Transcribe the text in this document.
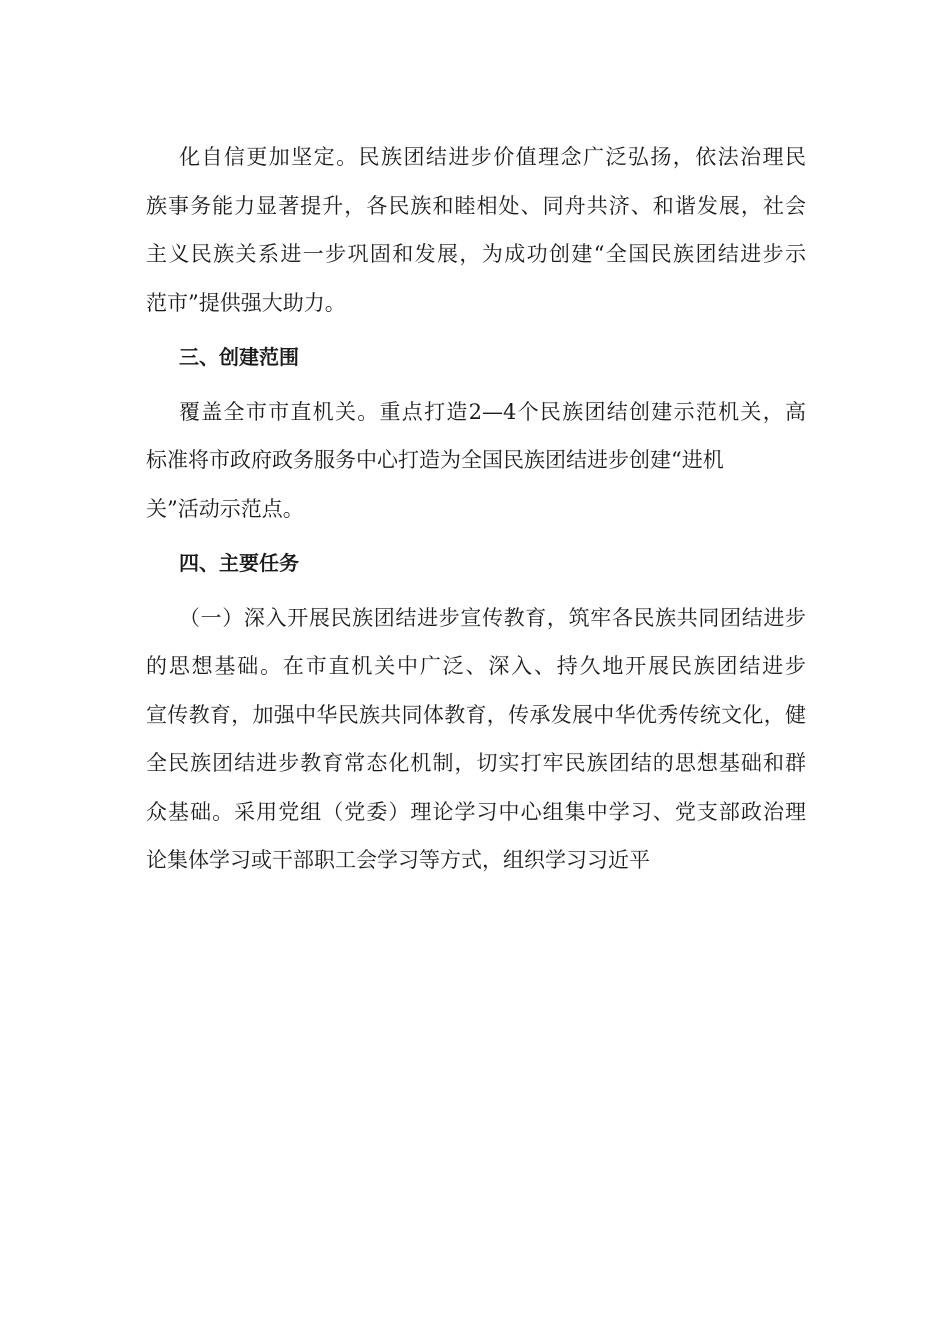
化自信更加坚定。民族团结进步价值理念广泛弘扬，依法治理民
族事务能力显著提升，各民族和睦相处、同舟共济、和谐发展，社会
主义民族关系进一步巩固和发展，为成功创建“全国民族团结进步示
范市”提供强大助力。
三、创建范围
覆盖全市市直机关。重点打造2—4个民族团结创建示范机关，高
标准将市政府政务服务中心打造为全国民族团结进步创建“进机
关”活动示范点。
四、主要任务
（一）深入开展民族团结进步宣传教育，筑牢各民族共同团结进步
的思想基础。在市直机关中广泛、深入、持久地开展民族团结进步
宣传教育，加强中华民族共同体教育，传承发展中华优秀传统文化，健
全民族团结进步教育常态化机制，切实打牢民族团结的思想基础和群
众基础。采用党组（党委）理论学习中心组集中学习、党支部政治理
论集体学习或干部职工会学习等方式，组织学习习近平
